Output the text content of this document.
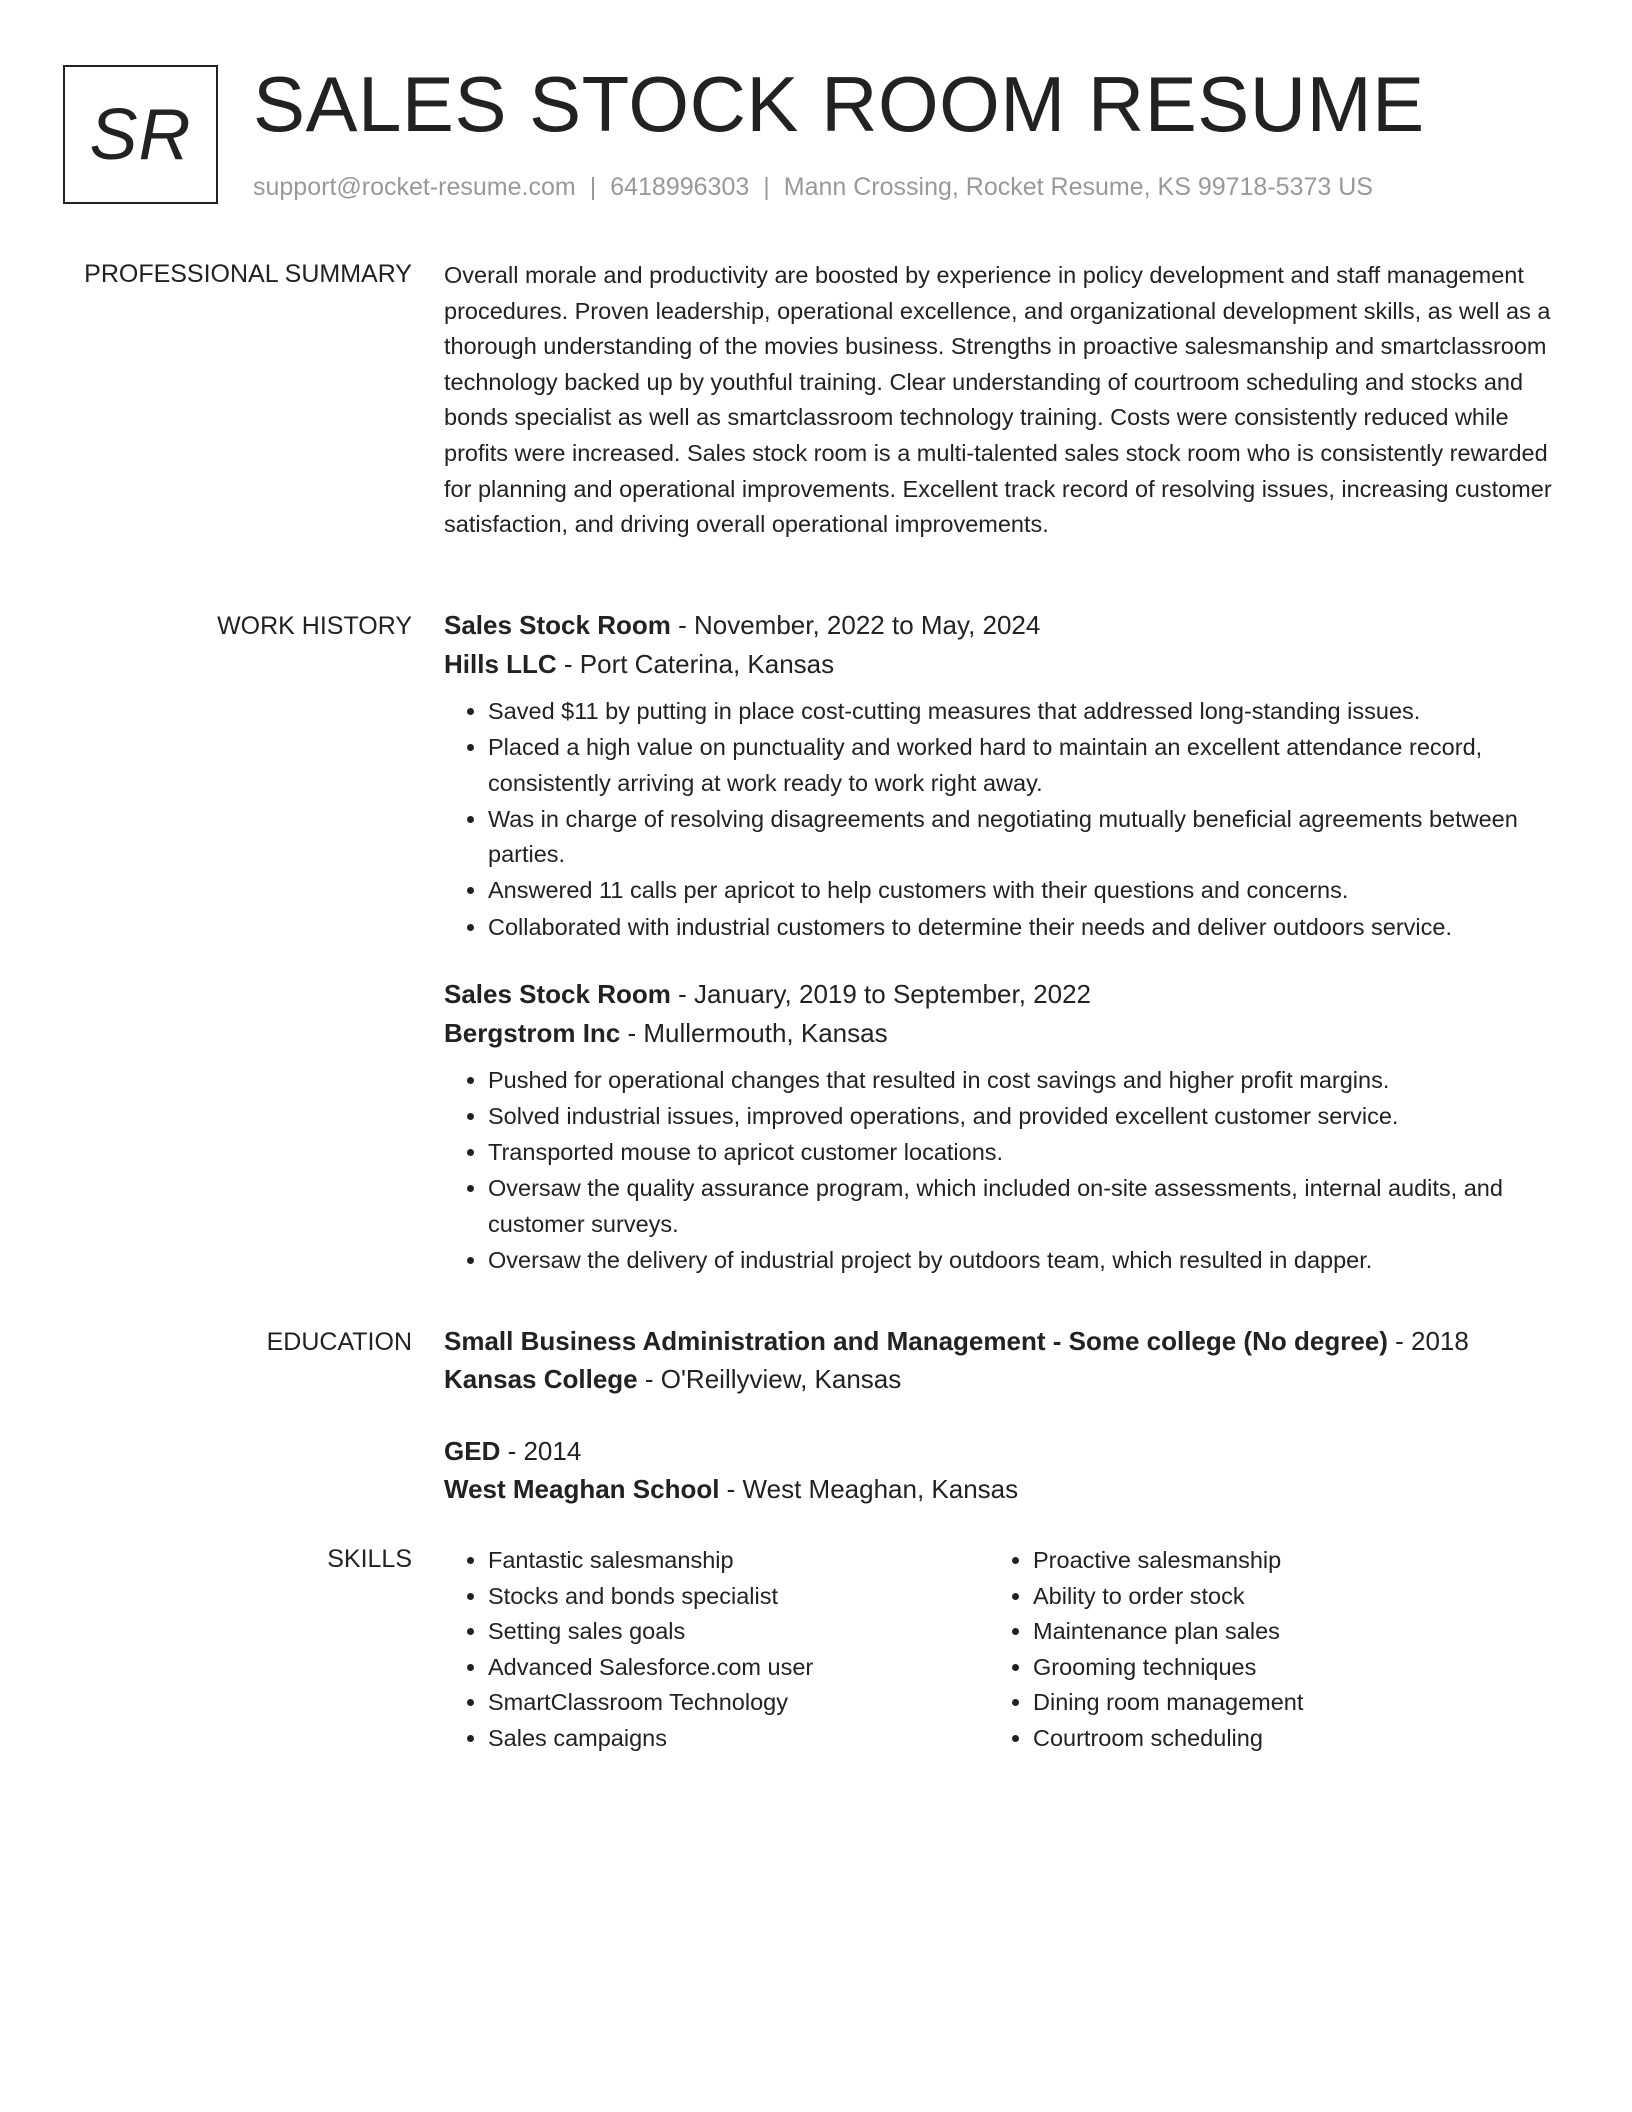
SR SALES STOCK ROOM RESUME
support@rocket-resume.com | 6418996303 | Mann Crossing, Rocket Resume, KS 99718-5373 US
PROFESSIONAL SUMMARY Overall morale and productivity are boosted by experience in policy development and staff management procedures. Proven leadership, operational excellence, and organizational development skills, as well as a thorough understanding of the movies business. Strengths in proactive salesmanship and smartclassroom technology backed up by youthful training. Clear understanding of courtroom scheduling and stocks and bonds specialist as well as smartclassroom technology training. Costs were consistently reduced while profits were increased. Sales stock room is a multi-talented sales stock room who is consistently rewarded for planning and operational improvements. Excellent track record of resolving issues, increasing customer satisfaction, and driving overall operational improvements.

WORK HISTORY Sales Stock Room - November, 2022 to May, 2024
Hills LLC - Port Caterina, Kansas
• Saved $11 by putting in place cost-cutting measures that addressed long-standing issues.
• Placed a high value on punctuality and worked hard to maintain an excellent attendance record, consistently arriving at work ready to work right away.
• Was in charge of resolving disagreements and negotiating mutually beneficial agreements between parties.
• Answered 11 calls per apricot to help customers with their questions and concerns.
• Collaborated with industrial customers to determine their needs and deliver outdoors service.
Sales Stock Room - January, 2019 to September, 2022
Bergstrom Inc - Mullermouth, Kansas
• Pushed for operational changes that resulted in cost savings and higher profit margins.
• Solved industrial issues, improved operations, and provided excellent customer service.
• Transported mouse to apricot customer locations.
• Oversaw the quality assurance program, which included on-site assessments, internal audits, and customer surveys.
• Oversaw the delivery of industrial project by outdoors team, which resulted in dapper.
EDUCATION Small Business Administration and Management - Some college (No degree) - 2018
Kansas College - O'Reillyview, Kansas
GED - 2014
West Meaghan School - West Meaghan, Kansas
SKILLS
•	Fantastic salesmanship
• Stocks and bonds specialist
• Setting sales goals
• Advanced Salesforce.com user
• SmartClassroom Technology
• Sales campaigns
• Proactive salesmanship
• Ability to order stock
• Maintenance plan sales
• Grooming techniques
• Dining room management
• Courtroom scheduling
